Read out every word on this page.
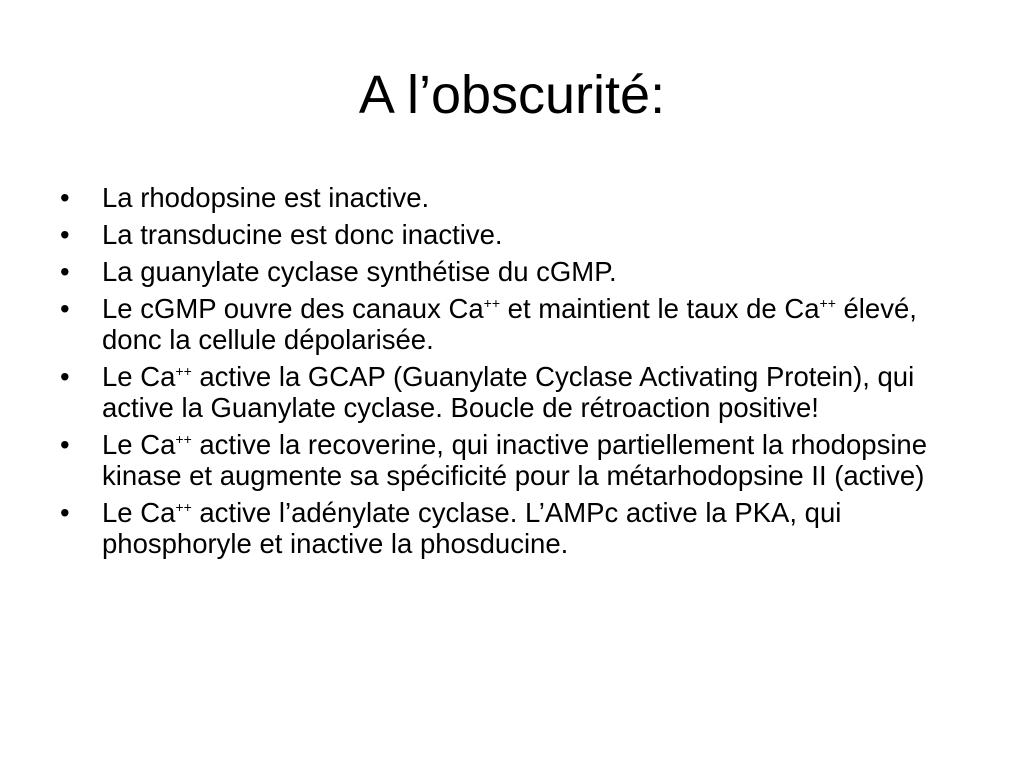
A l’obscurité:
• La rhodopsine est inactive.
• La transducine est donc inactive.
• La guanylate cyclase synthétise du cGMP.
• Le cGMP ouvre des canaux Ca++ et maintient le taux de Ca++ élevé, donc la cellule dépolarisée.
• Le Ca++ active la GCAP (Guanylate Cyclase Activating Protein), qui active la Guanylate cyclase. Boucle de rétroaction positive!
• Le Ca++ active la recoverine, qui inactive partiellement la rhodopsine kinase et augmente sa spécificité pour la métarhodopsine II (active)
• Le Ca++ active l’adénylate cyclase. L’AMPc active la PKA, qui phosphoryle et inactive la phosducine.
